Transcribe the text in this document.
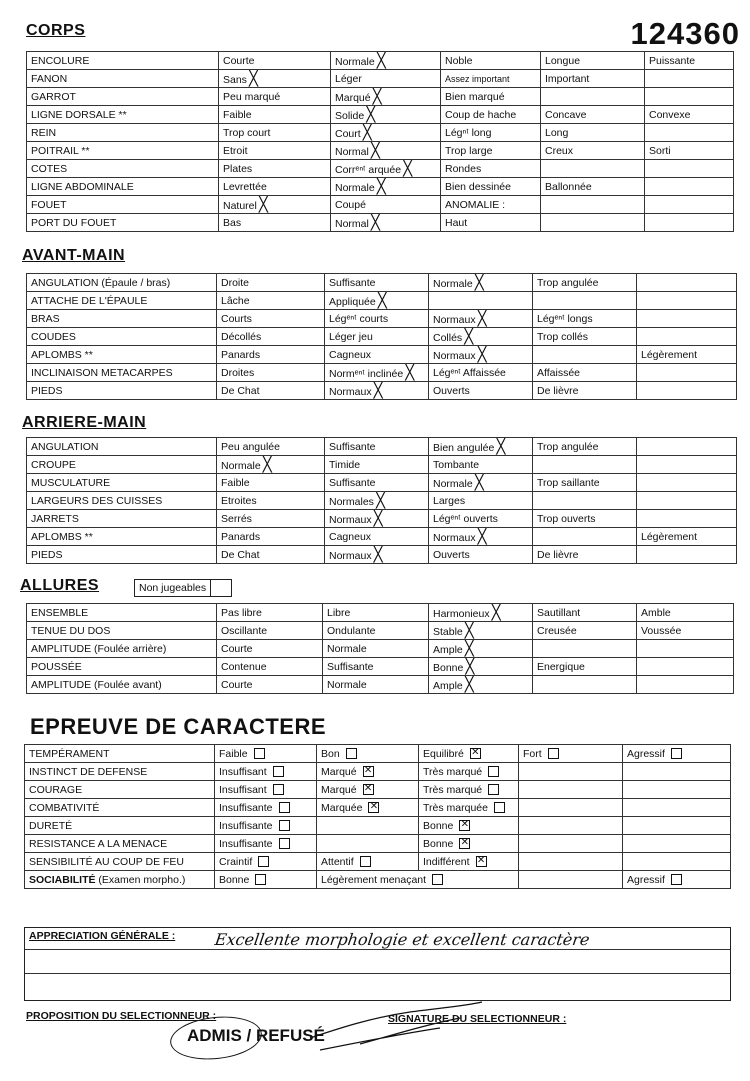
124360
CORPS
ENCOLURE	Courte	Normale ╳	Noble	Longue	Puissante
FANON	Sans ╳	Léger	Assez important	Important	
GARROT	Peu marqué	Marqué ╳	Bien marqué		
LIGNE DORSALE **	Faible	Solide ╳	Coup de hache	Concave	Convexe
REIN	Trop court	Court ╳	Légⁿᵗ long	Long	
POITRAIL **	Etroit	Normal ╳	Trop large	Creux	Sorti
COTES	Plates	Corrᵉⁿᵗ arquée ╳	Rondes		
LIGNE ABDOMINALE	Levrettée	Normale ╳	Bien dessinée	Ballonnée	
FOUET	Naturel ╳	Coupé	ANOMALIE :		
PORT DU FOUET	Bas	Normal ╳	Haut		
AVANT-MAIN
ANGULATION (Épaule / bras)	Droite	Suffisante	Normale ╳	Trop angulée	
ATTACHE DE L'ÉPAULE	Lâche	Appliquée ╳			
BRAS	Courts	Légᵉⁿᵗ courts	Normaux ╳	Légᵉⁿᵗ longs	
COUDES	Décollés	Léger jeu	Collés ╳	Trop collés	
APLOMBS **	Panards	Cagneux	Normaux ╳		Légèrement
INCLINAISON METACARPES	Droites	Normᵉⁿᵗ inclinée ╳	Légᵉⁿᵗ Affaissée	Affaissée	
PIEDS	De Chat	Normaux ╳	Ouverts	De lièvre	
ARRIERE-MAIN
ANGULATION	Peu angulée	Suffisante	Bien angulée ╳	Trop angulée	
CROUPE	Normale ╳	Timide	Tombante		
MUSCULATURE	Faible	Suffisante	Normale ╳	Trop saillante	
LARGEURS DES CUISSES	Etroites	Normales ╳	Larges		
JARRETS	Serrés	Normaux ╳	Légᵉⁿᵗ ouverts	Trop ouverts	
APLOMBS **	Panards	Cagneux	Normaux ╳		Légèrement
PIEDS	De Chat	Normaux ╳	Ouverts	De lièvre	
ALLURES	Non jugeables	
ENSEMBLE	Pas libre	Libre	Harmonieux ╳	Sautillant	Amble
TENUE DU DOS	Oscillante	Ondulante	Stable ╳	Creusée	Voussée
AMPLITUDE (Foulée arrière)	Courte	Normale	Ample ╳		
POUSSÉE	Contenue	Suffisante	Bonne ╳	Energique	
AMPLITUDE (Foulée avant)	Courte	Normale	Ample ╳		
EPREUVE DE CARACTERE
TEMPÉRAMENT	Faible	Bon	Equilibré ✕	Fort	Agressif
INSTINCT DE DEFENSE	Insuffisant	Marqué ✕	Très marqué		
COURAGE	Insuffisant	Marqué ✕	Très marqué		
COMBATIVITÉ	Insuffisante	Marquée ✕	Très marquée		
DURETÉ	Insuffisante		Bonne ✕		
RESISTANCE A LA MENACE	Insuffisante		Bonne ✕		
SENSIBILITÉ AU COUP DE FEU	Craintif	Attentif	Indifférent ✕		
SOCIABILITÉ (Examen morpho.)	Bonne	Légèrement menaçant			Agressif
APPRECIATION GÉNÉRALE : Excellente morphologie et excellent caractère
PROPOSITION DU SELECTIONNEUR :	SIGNATURE DU SELECTIONNEUR :
ADMIS / REFUSÉ
